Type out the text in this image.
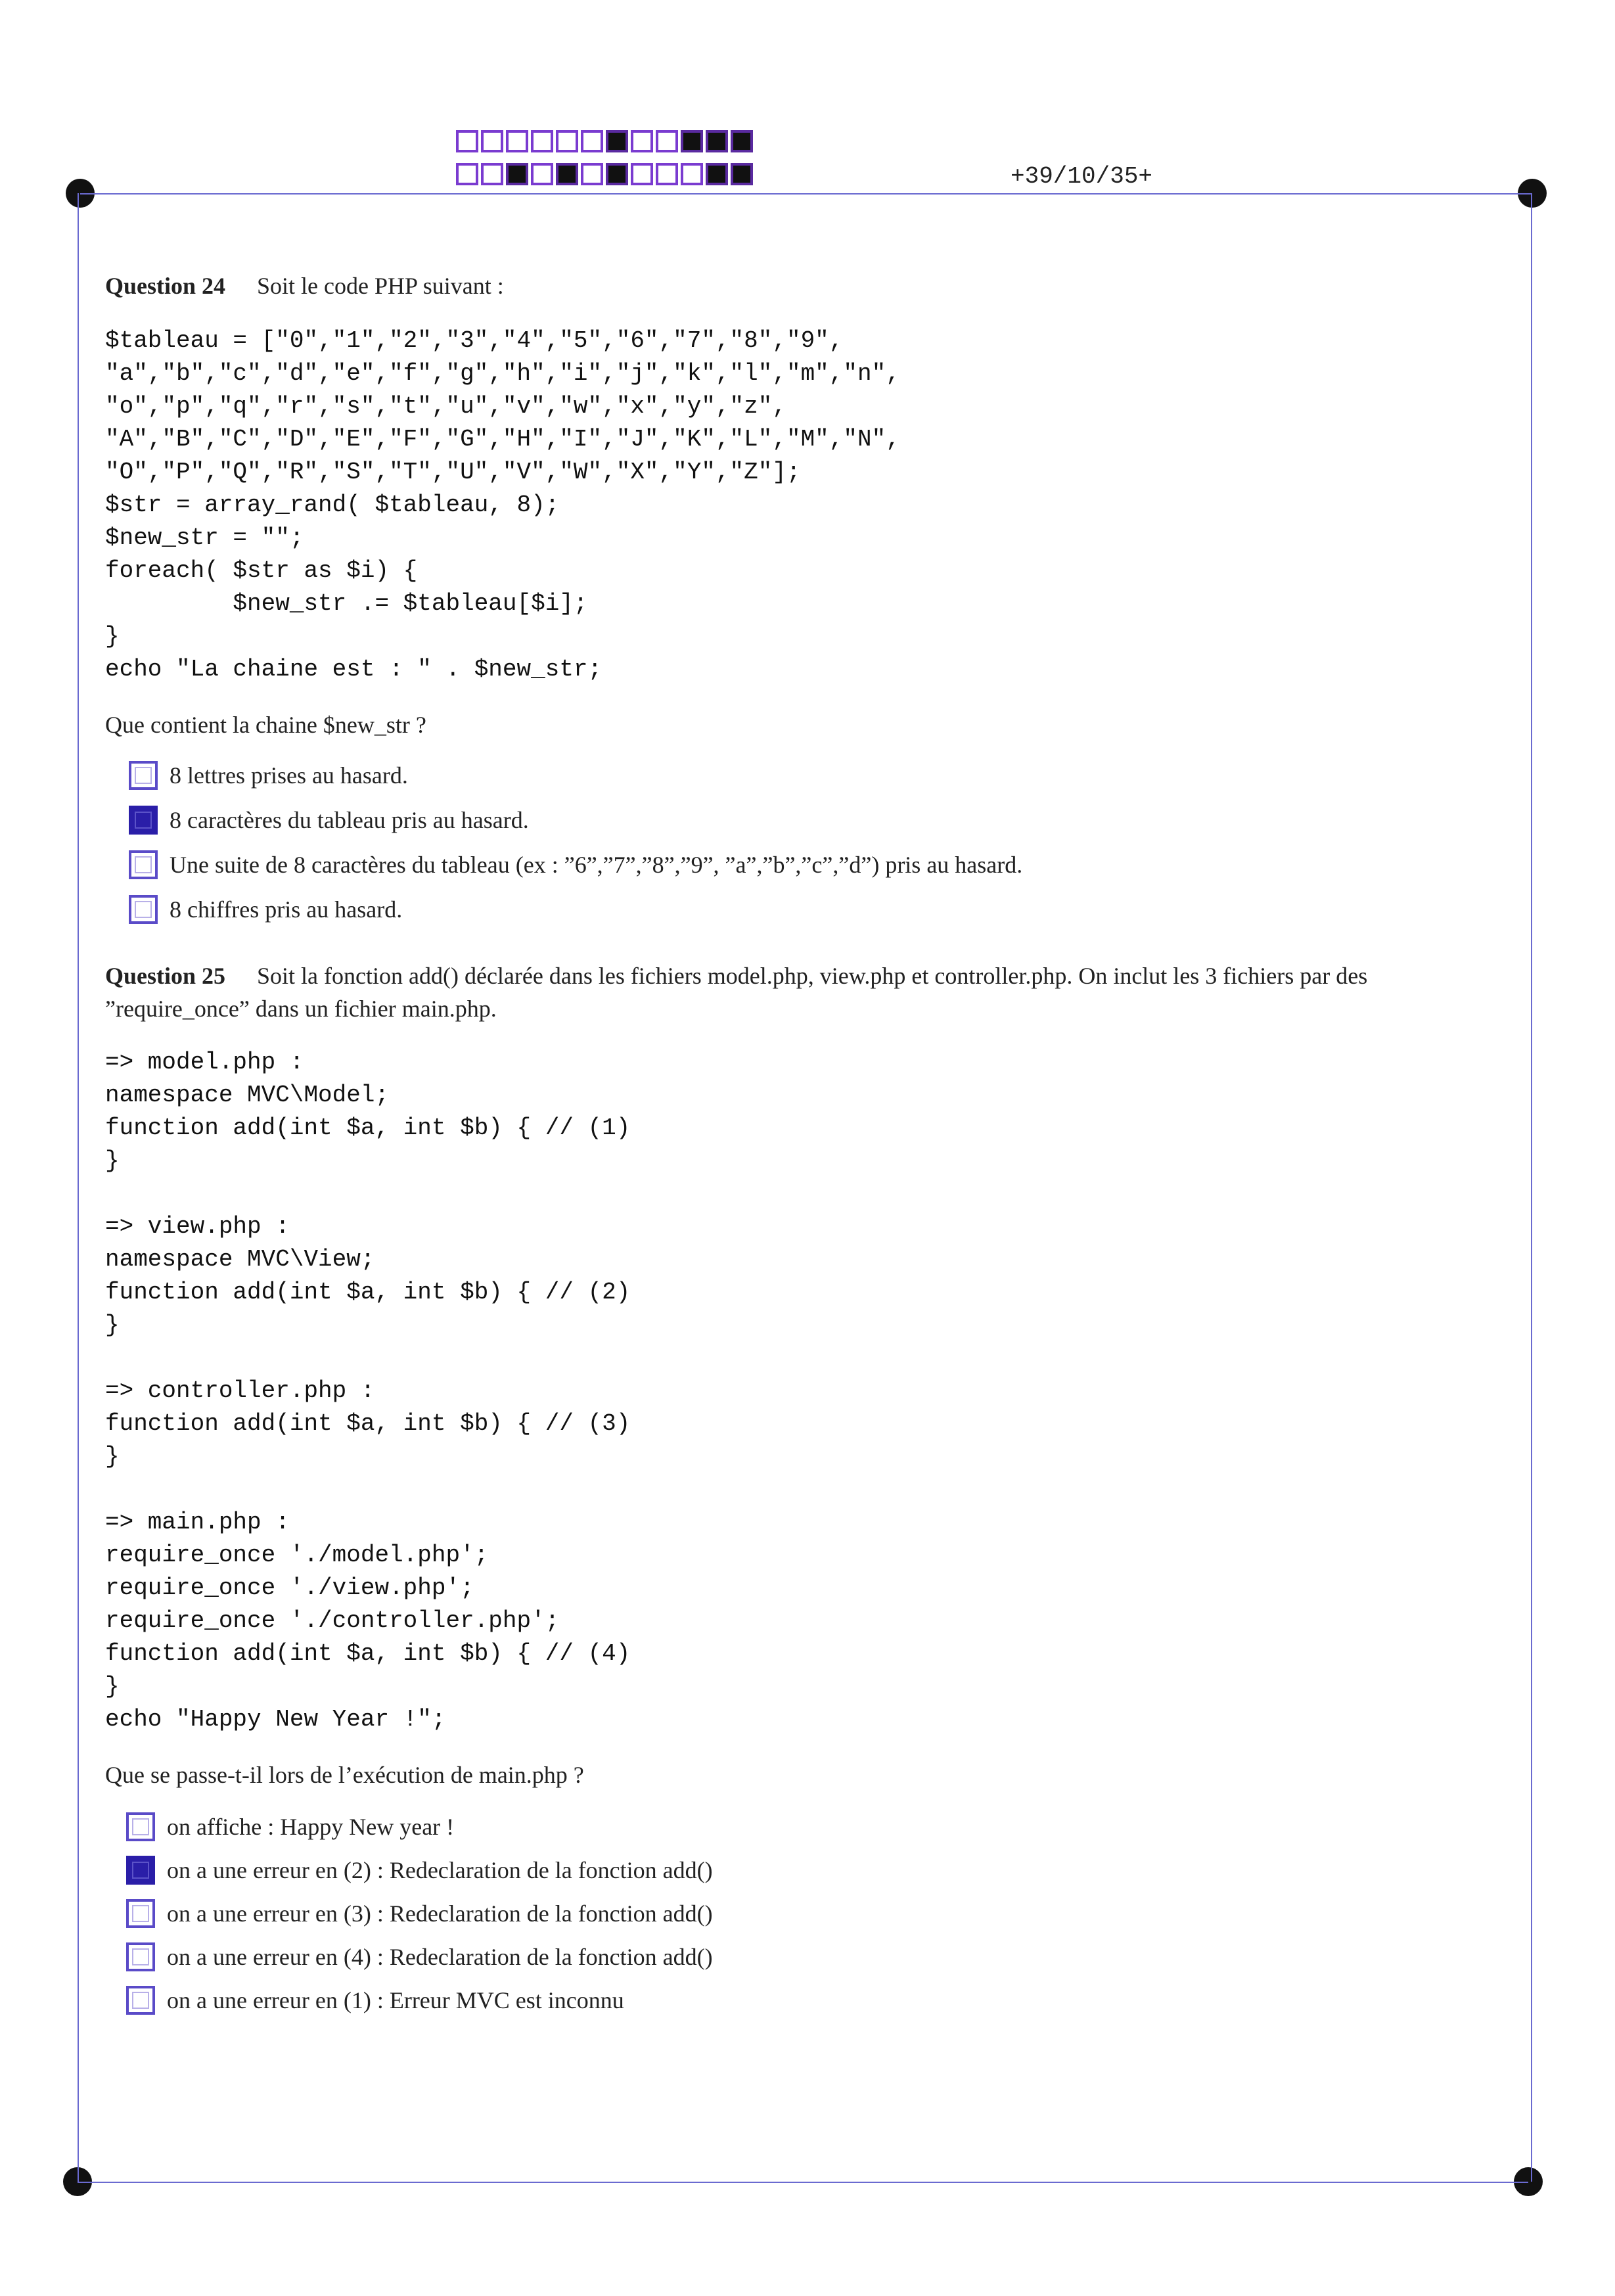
+39/10/35+
Question 24 Soit le code PHP suivant :
$tableau = ["0","1","2","3","4","5","6","7","8","9",
"a","b","c","d","e","f","g","h","i","j","k","l","m","n",
"o","p","q","r","s","t","u","v","w","x","y","z",
"A","B","C","D","E","F","G","H","I","J","K","L","M","N",
"O","P","Q","R","S","T","U","V","W","X","Y","Z"];
$str = array_rand( $tableau, 8);
$new_str = "";
foreach( $str as $i) {
$new_str .= $tableau[$i];
}
echo "La chaine est : " . $new_str;
Que contient la chaine $new_str ?
8 lettres prises au hasard.
8 caractères du tableau pris au hasard.
Une suite de 8 caractères du tableau (ex : ”6”,”7”,”8”,”9”, ”a”,”b”,”c”,”d”) pris au hasard.
8 chiffres pris au hasard.
Question 25 Soit la fonction add() déclarée dans les fichiers model.php, view.php et controller.php. On inclut les 3 fichiers par des ”require_once” dans un fichier main.php.
=> model.php :
namespace MVC\Model;
function add(int $a, int $b) { // (1)
}

=> view.php :
namespace MVC\View;
function add(int $a, int $b) { // (2)
}

=> controller.php :
function add(int $a, int $b) { // (3)
}

=> main.php :
require_once './model.php';
require_once './view.php';
require_once './controller.php';
function add(int $a, int $b) { // (4)
}
echo "Happy New Year !";
Que se passe-t-il lors de l’exécution de main.php ?
on affiche : Happy New year !
on a une erreur en (2) : Redeclaration de la fonction add()
on a une erreur en (3) : Redeclaration de la fonction add()
on a une erreur en (4) : Redeclaration de la fonction add()
on a une erreur en (1) : Erreur MVC est inconnu
